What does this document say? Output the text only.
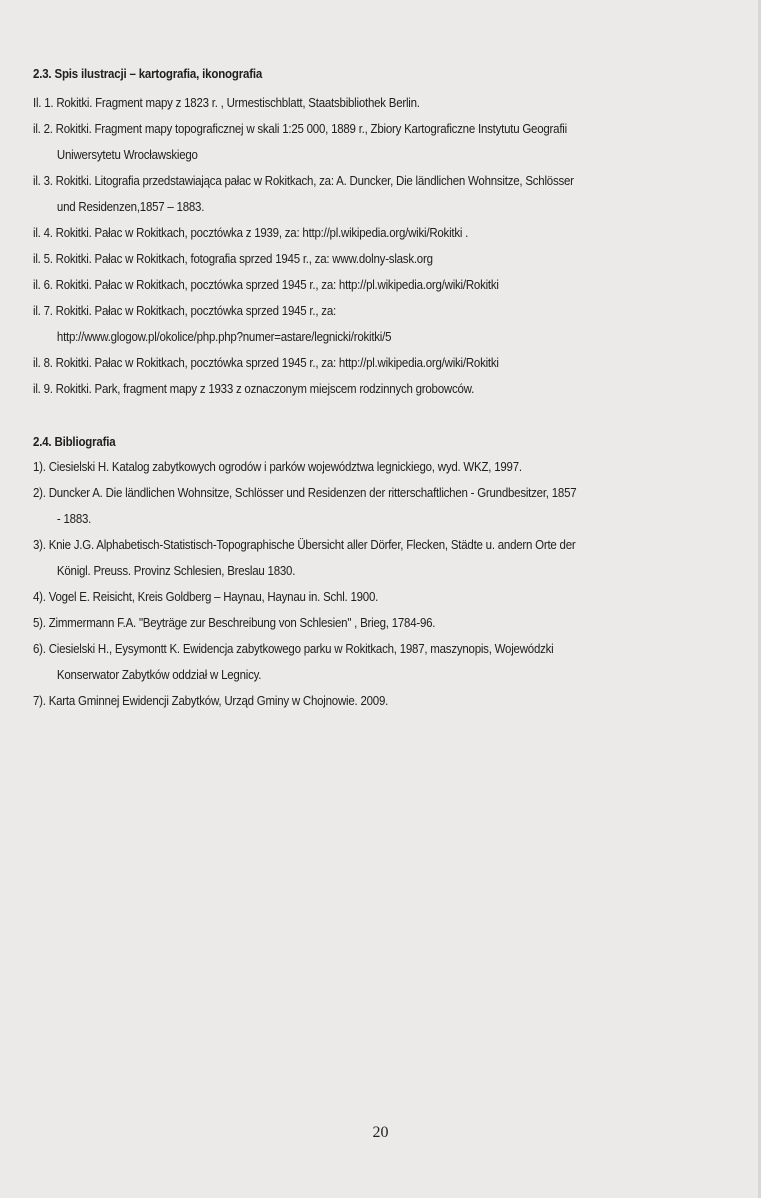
2.3. Spis ilustracji – kartografia, ikonografia
Il. 1. Rokitki. Fragment mapy z 1823 r. , Urmestischblatt, Staatsbibliothek Berlin.
il. 2. Rokitki. Fragment mapy topograficznej w skali 1:25 000, 1889 r., Zbiory Kartograficzne Instytutu Geografii
Uniwersytetu Wrocławskiego
il. 3. Rokitki. Litografia przedstawiająca pałac w Rokitkach, za: A. Duncker, Die ländlichen Wohnsitze, Schlösser
und Residenzen,1857 – 1883.
il. 4. Rokitki. Pałac w Rokitkach, pocztówka z 1939, za: http://pl.wikipedia.org/wiki/Rokitki .
il. 5. Rokitki. Pałac w Rokitkach, fotografia sprzed 1945 r., za: www.dolny-slask.org
il. 6. Rokitki. Pałac w Rokitkach, pocztówka sprzed 1945 r., za: http://pl.wikipedia.org/wiki/Rokitki
il. 7. Rokitki. Pałac w Rokitkach, pocztówka sprzed 1945 r., za:
http://www.glogow.pl/okolice/php.php?numer=astare/legnicki/rokitki/5
il. 8. Rokitki. Pałac w Rokitkach, pocztówka sprzed 1945 r., za: http://pl.wikipedia.org/wiki/Rokitki
il. 9. Rokitki. Park, fragment mapy z 1933 z oznaczonym miejscem rodzinnych grobowców.
2.4. Bibliografia
1). Ciesielski H. Katalog zabytkowych ogrodów i parków województwa legnickiego, wyd. WKZ, 1997.
2). Duncker A. Die ländlichen Wohnsitze, Schlösser und Residenzen der ritterschaftlichen - Grundbesitzer, 1857
- 1883.
3). Knie J.G. Alphabetisch-Statistisch-Topographische Übersicht aller Dörfer, Flecken, Städte u. andern Orte der
Königl. Preuss. Provinz Schlesien, Breslau 1830.
4). Vogel E. Reisicht, Kreis Goldberg – Haynau, Haynau in. Schl. 1900.
5). Zimmermann F.A. "Beyträge zur Beschreibung von Schlesien" , Brieg, 1784-96.
6). Ciesielski H., Eysymontt K. Ewidencja zabytkowego parku w Rokitkach, 1987, maszynopis, Wojewódzki
Konserwator Zabytków oddział w Legnicy.
7). Karta Gminnej Ewidencji Zabytków, Urząd Gminy w Chojnowie. 2009.
20
